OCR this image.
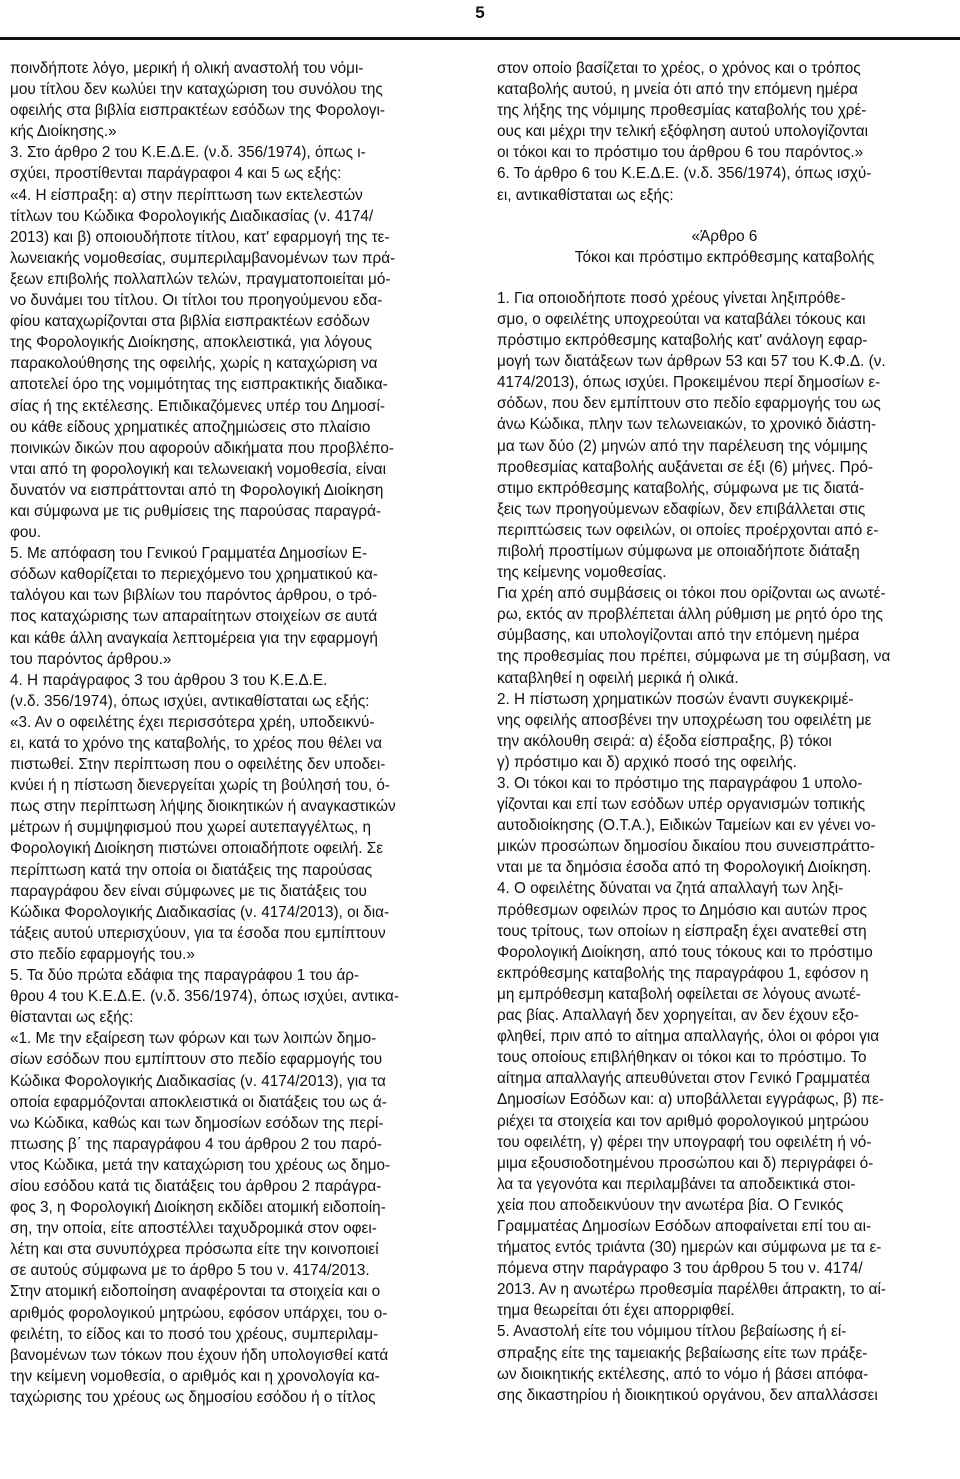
5

ποινδήποτε λόγο, μερική ή ολική αναστολή του νόμι-
μου τίτλου δεν κωλύει την καταχώριση του συνόλου της
οφειλής στα βιβλία εισπρακτέων εσόδων της Φορολογι-
κής Διοίκησης.»
3. Στο άρθρο 2 του Κ.Ε.Δ.Ε. (ν.δ. 356/1974), όπως ι-
σχύει, προστίθενται παράγραφοι 4 και 5 ως εξής:
«4. Η είσπραξη: α) στην περίπτωση των εκτελεστών
τίτλων του Κώδικα Φορολογικής Διαδικασίας (ν. 4174/
2013) και β) οποιουδήποτε τίτλου, κατ' εφαρμογή της τε-
λωνειακής νομοθεσίας, συμπεριλαμβανομένων των πρά-
ξεων επιβολής πολλαπλών τελών, πραγματοποιείται μό-
νο δυνάμει του τίτλου. Οι τίτλοι του προηγούμενου εδα-
φίου καταχωρίζονται στα βιβλία εισπρακτέων εσόδων
της Φορολογικής Διοίκησης, αποκλειστικά, για λόγους
παρακολούθησης της οφειλής, χωρίς η καταχώριση να
αποτελεί όρο της νομιμότητας της εισπρακτικής διαδικα-
σίας ή της εκτέλεσης. Επιδικαζόμενες υπέρ του Δημοσί-
ου κάθε είδους χρηματικές αποζημιώσεις στο πλαίσιο
ποινικών δικών που αφορούν αδικήματα που προβλέπο-
νται από τη φορολογική και τελωνειακή νομοθεσία, είναι
δυνατόν να εισπράττονται από τη Φορολογική Διοίκηση
και σύμφωνα με τις ρυθμίσεις της παρούσας παραγρά-
φου.
5. Με απόφαση του Γενικού Γραμματέα Δημοσίων Ε-
σόδων καθορίζεται το περιεχόμενο του χρηματικού κα-
ταλόγου και των βιβλίων του παρόντος άρθρου, ο τρό-
πος καταχώρισης των απαραίτητων στοιχείων σε αυτά
και κάθε άλλη αναγκαία λεπτομέρεια για την εφαρμογή
του παρόντος άρθρου.»
4. Η παράγραφος 3 του άρθρου 3 του Κ.Ε.Δ.Ε.
(ν.δ. 356/1974), όπως ισχύει, αντικαθίσταται ως εξής:
«3. Αν ο οφειλέτης έχει περισσότερα χρέη, υποδεικνύ-
ει, κατά το χρόνο της καταβολής, το χρέος που θέλει να
πιστωθεί. Στην περίπτωση που ο οφειλέτης δεν υποδει-
κνύει ή η πίστωση διενεργείται χωρίς τη βούλησή του, ό-
πως στην περίπτωση λήψης διοικητικών ή αναγκαστικών
μέτρων ή συμψηφισμού που χωρεί αυτεπαγγέλτως, η
Φορολογική Διοίκηση πιστώνει οποιαδήποτε οφειλή. Σε
περίπτωση κατά την οποία οι διατάξεις της παρούσας
παραγράφου δεν είναι σύμφωνες με τις διατάξεις του
Κώδικα Φορολογικής Διαδικασίας (ν. 4174/2013), οι δια-
τάξεις αυτού υπερισχύουν, για τα έσοδα που εμπίπτουν
στο πεδίο εφαρμογής του.»
5. Τα δύο πρώτα εδάφια της παραγράφου 1 του άρ-
θρου 4 του Κ.Ε.Δ.Ε. (ν.δ. 356/1974), όπως ισχύει, αντικα-
θίστανται ως εξής:
«1. Με την εξαίρεση των φόρων και των λοιπών δημο-
σίων εσόδων που εμπίπτουν στο πεδίο εφαρμογής του
Κώδικα Φορολογικής Διαδικασίας (ν. 4174/2013), για τα
οποία εφαρμόζονται αποκλειστικά οι διατάξεις του ως ά-
νω Κώδικα, καθώς και των δημοσίων εσόδων της περί-
πτωσης β΄ της παραγράφου 4 του άρθρου 2 του παρό-
ντος Κώδικα, μετά την καταχώριση του χρέους ως δημο-
σίου εσόδου κατά τις διατάξεις του άρθρου 2 παράγρα-
φος 3, η Φορολογική Διοίκηση εκδίδει ατομική ειδοποίη-
ση, την οποία, είτε αποστέλλει ταχυδρομικά στον οφει-
λέτη και στα συνυπόχρεα πρόσωπα είτε την κοινοποιεί
σε αυτούς σύμφωνα με το άρθρο 5 του ν. 4174/2013.
Στην ατομική ειδοποίηση αναφέρονται τα στοιχεία και ο
αριθμός φορολογικού μητρώου, εφόσον υπάρχει, του ο-
φειλέτη, το είδος και το ποσό του χρέους, συμπεριλαμ-
βανομένων των τόκων που έχουν ήδη υπολογισθεί κατά
την κείμενη νομοθεσία, ο αριθμός και η χρονολογία κα-
ταχώρισης του χρέους ως δημοσίου εσόδου ή ο τίτλος

στον οποίο βασίζεται το χρέος, ο χρόνος και ο τρόπος
καταβολής αυτού, η μνεία ότι από την επόμενη ημέρα
της λήξης της νόμιμης προθεσμίας καταβολής του χρέ-
ους και μέχρι την τελική εξόφληση αυτού υπολογίζονται
οι τόκοι και το πρόστιμο του άρθρου 6 του παρόντος.»
6. Το άρθρο 6 του Κ.Ε.Δ.Ε. (ν.δ. 356/1974), όπως ισχύ-
ει, αντικαθίσταται ως εξής:

«Άρθρο 6

Τόκοι και πρόστιμο εκπρόθεσμης καταβολής

1. Για οποιοδήποτε ποσό χρέους γίνεται ληξιπρόθε-
σμο, ο οφειλέτης υποχρεούται να καταβάλει τόκους και
πρόστιμο εκπρόθεσμης καταβολής κατ' ανάλογη εφαρ-
μογή των διατάξεων των άρθρων 53 και 57 του Κ.Φ.Δ. (ν.
4174/2013), όπως ισχύει. Προκειμένου περί δημοσίων ε-
σόδων, που δεν εμπίπτουν στο πεδίο εφαρμογής του ως
άνω Κώδικα, πλην των τελωνειακών, το χρονικό διάστη-
μα των δύο (2) μηνών από την παρέλευση της νόμιμης
προθεσμίας καταβολής αυξάνεται σε έξι (6) μήνες. Πρό-
στιμο εκπρόθεσμης καταβολής, σύμφωνα με τις διατά-
ξεις των προηγούμενων εδαφίων, δεν επιβάλλεται στις
περιπτώσεις των οφειλών, οι οποίες προέρχονται από ε-
πιβολή προστίμων σύμφωνα με οποιαδήποτε διάταξη
της κείμενης νομοθεσίας.
Για χρέη από συμβάσεις οι τόκοι που ορίζονται ως ανωτέ-
ρω, εκτός αν προβλέπεται άλλη ρύθμιση με ρητό όρο της
σύμβασης, και υπολογίζονται από την επόμενη ημέρα
της προθεσμίας που πρέπει, σύμφωνα με τη σύμβαση, να
καταβληθεί η οφειλή μερικά ή ολικά.
2. Η πίστωση χρηματικών ποσών έναντι συγκεκριμέ-
νης οφειλής αποσβένει την υποχρέωση του οφειλέτη με
την ακόλουθη σειρά: α) έξοδα είσπραξης, β) τόκοι
γ) πρόστιμο και δ) αρχικό ποσό της οφειλής.
3. Οι τόκοι και το πρόστιμο της παραγράφου 1 υπολο-
γίζονται και επί των εσόδων υπέρ οργανισμών τοπικής
αυτοδιοίκησης (Ο.Τ.Α.), Ειδικών Ταμείων και εν γένει νο-
μικών προσώπων δημοσίου δικαίου που συνεισπράττο-
νται με τα δημόσια έσοδα από τη Φορολογική Διοίκηση.
4. Ο οφειλέτης δύναται να ζητά απαλλαγή των ληξι-
πρόθεσμων οφειλών προς το Δημόσιο και αυτών προς
τους τρίτους, των οποίων η είσπραξη έχει ανατεθεί στη
Φορολογική Διοίκηση, από τους τόκους και το πρόστιμο
εκπρόθεσμης καταβολής της παραγράφου 1, εφόσον η
μη εμπρόθεσμη καταβολή οφείλεται σε λόγους ανωτέ-
ρας βίας. Απαλλαγή δεν χορηγείται, αν δεν έχουν εξο-
φληθεί, πριν από το αίτημα απαλλαγής, όλοι οι φόροι για
τους οποίους επιβλήθηκαν οι τόκοι και το πρόστιμο. Το
αίτημα απαλλαγής απευθύνεται στον Γενικό Γραμματέα
Δημοσίων Εσόδων και: α) υποβάλλεται εγγράφως, β) πε-
ριέχει τα στοιχεία και τον αριθμό φορολογικού μητρώου
του οφειλέτη, γ) φέρει την υπογραφή του οφειλέτη ή νό-
μιμα εξουσιοδοτημένου προσώπου και δ) περιγράφει ό-
λα τα γεγονότα και περιλαμβάνει τα αποδεικτικά στοι-
χεία που αποδεικνύουν την ανωτέρα βία. Ο Γενικός
Γραμματέας Δημοσίων Εσόδων αποφαίνεται επί του αι-
τήματος εντός τριάντα (30) ημερών και σύμφωνα με τα ε-
πόμενα στην παράγραφο 3 του άρθρου 5 του ν. 4174/
2013. Αν η ανωτέρω προθεσμία παρέλθει άπρακτη, το αί-
τημα θεωρείται ότι έχει απορριφθεί.
5. Αναστολή είτε του νόμιμου τίτλου βεβαίωσης ή εί-
σπραξης είτε της ταμειακής βεβαίωσης είτε των πράξε-
ων διοικητικής εκτέλεσης, από το νόμο ή βάσει απόφα-
σης δικαστηρίου ή διοικητικού οργάνου, δεν απαλλάσσει
